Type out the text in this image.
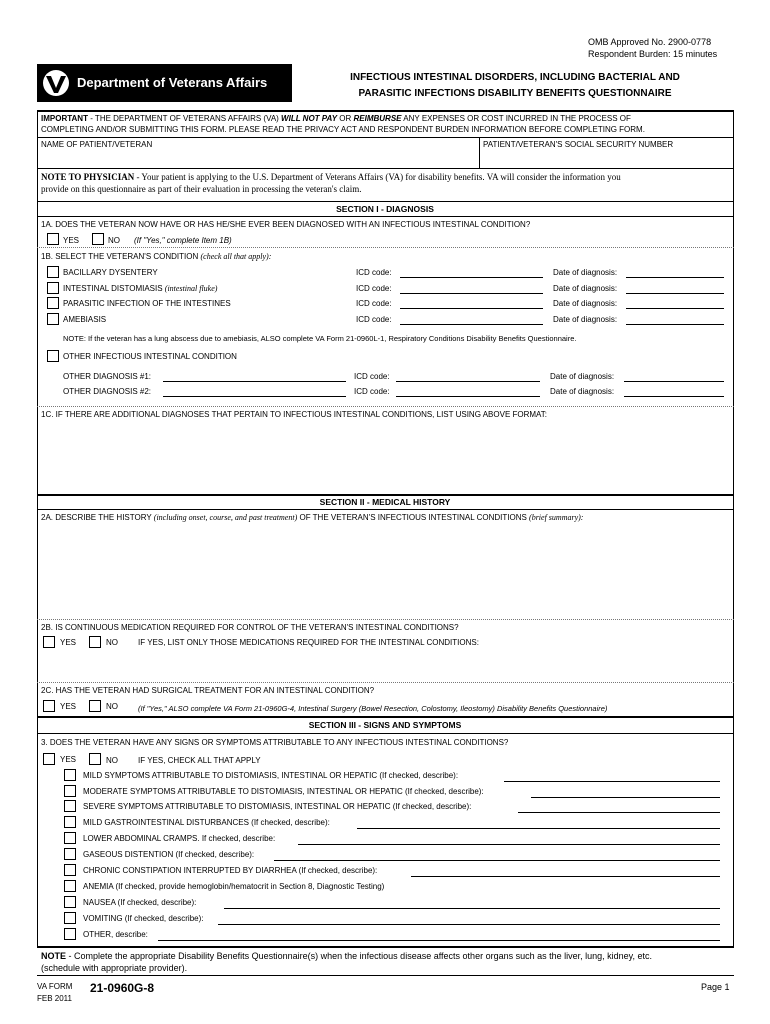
OMB Approved No. 2900-0778
Respondent Burden: 15 minutes
Department of Veterans Affairs	INFECTIOUS INTESTINAL DISORDERS, INCLUDING BACTERIAL AND
PARASITIC INFECTIONS DISABILITY BENEFITS QUESTIONNAIRE
IMPORTANT - THE DEPARTMENT OF VETERANS AFFAIRS (VA) WILL NOT PAY OR REIMBURSE ANY EXPENSES OR COST INCURRED IN THE PROCESS OF
COMPLETING AND/OR SUBMITTING THIS FORM. PLEASE READ THE PRIVACY ACT AND RESPONDENT BURDEN INFORMATION BEFORE COMPLETING FORM.
NAME OF PATIENT/VETERAN	PATIENT/VETERAN'S SOCIAL SECURITY NUMBER
NOTE TO PHYSICIAN - Your patient is applying to the U.S. Department of Veterans Affairs (VA) for disability benefits. VA will consider the information you
provide on this questionnaire as part of their evaluation in processing the veteran's claim.
SECTION I - DIAGNOSIS
1A. DOES THE VETERAN NOW HAVE OR HAS HE/SHE EVER BEEN DIAGNOSED WITH AN INFECTIOUS INTESTINAL CONDITION?
YES	NO (If "Yes," complete Item 1B)
1B. SELECT THE VETERAN'S CONDITION (check all that apply):
BACILLARY DYSENTERY	ICD code:	Date of diagnosis:
INTESTINAL DISTOMIASIS (intestinal fluke)	ICD code:	Date of diagnosis:
PARASITIC INFECTION OF THE INTESTINES	ICD code:	Date of diagnosis:
AMEBIASIS	ICD code:	Date of diagnosis:
NOTE: If the veteran has a lung abscess due to amebiasis, ALSO complete VA Form 21-0960L-1, Respiratory Conditions Disability Benefits Questionnaire.
OTHER INFECTIOUS INTESTINAL CONDITION
OTHER DIAGNOSIS #1:	ICD code:	Date of diagnosis:
OTHER DIAGNOSIS #2:	ICD code:	Date of diagnosis:
1C. IF THERE ARE ADDITIONAL DIAGNOSES THAT PERTAIN TO INFECTIOUS INTESTINAL CONDITIONS, LIST USING ABOVE FORMAT:
SECTION II - MEDICAL HISTORY
2A. DESCRIBE THE HISTORY (including onset, course, and past treatment) OF THE VETERAN'S INFECTIOUS INTESTINAL CONDITIONS (brief summary):
2B. IS CONTINUOUS MEDICATION REQUIRED FOR CONTROL OF THE VETERAN'S INTESTINAL CONDITIONS?
YES	NO	IF YES, LIST ONLY THOSE MEDICATIONS REQUIRED FOR THE INTESTINAL CONDITIONS:
2C. HAS THE VETERAN HAD SURGICAL TREATMENT FOR AN INTESTINAL CONDITION?
YES	NO	(If "Yes," ALSO complete VA Form 21-0960G-4, Intestinal Surgery (Bowel Resection, Colostomy, Ileostomy) Disability Benefits Questionnaire)
SECTION III - SIGNS AND SYMPTOMS
3. DOES THE VETERAN HAVE ANY SIGNS OR SYMPTOMS ATTRIBUTABLE TO ANY INFECTIOUS INTESTINAL CONDITIONS?
YES	NO	IF YES, CHECK ALL THAT APPLY
MILD SYMPTOMS ATTRIBUTABLE TO DISTOMIASIS, INTESTINAL OR HEPATIC (If checked, describe):
MODERATE SYMPTOMS ATTRIBUTABLE TO DISTOMIASIS, INTESTINAL OR HEPATIC (If checked, describe):
SEVERE SYMPTOMS ATTRIBUTABLE TO DISTOMIASIS, INTESTINAL OR HEPATIC (If checked, describe):
MILD GASTROINTESTINAL DISTURBANCES (If checked, describe):
LOWER ABDOMINAL CRAMPS. If checked, describe:
GASEOUS DISTENTION (If checked, describe):
CHRONIC CONSTIPATION INTERRUPTED BY DIARRHEA (If checked, describe):
ANEMIA (If checked, provide hemoglobin/hematocrit in Section 8, Diagnostic Testing)
NAUSEA (If checked, describe):
VOMITING (If checked, describe):
OTHER, describe:
NOTE - Complete the appropriate Disability Benefits Questionnaire(s) when the infectious disease affects other organs such as the liver, lung, kidney, etc.
(schedule with appropriate provider).
VA FORM
FEB 2011
21-0960G-8	Page 1
